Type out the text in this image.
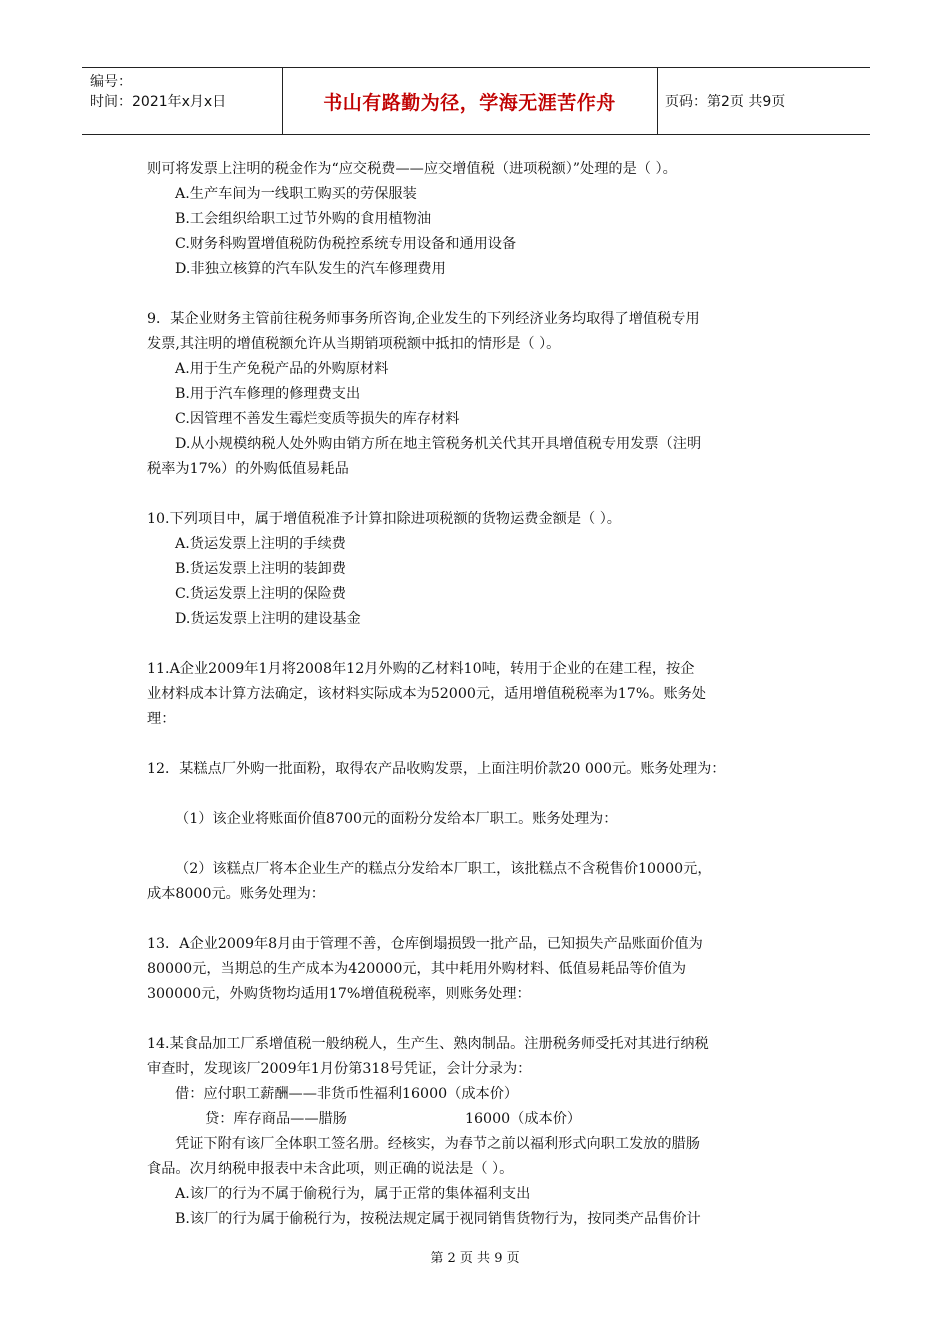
编号：
时间：2021年x月x日	书山有路勤为径，学海无涯苦作舟	页码：第2页 共9页
则可将发票上注明的税金作为“应交税费——应交增值税（进项税额）”处理的是（ ）。
A.生产车间为一线职工购买的劳保服装
B.工会组织给职工过节外购的食用植物油
C.财务科购置增值税防伪税控系统专用设备和通用设备
D.非独立核算的汽车队发生的汽车修理费用
9．某企业财务主管前往税务师事务所咨询,企业发生的下列经济业务均取得了增值税专用
发票,其注明的增值税额允许从当期销项税额中抵扣的情形是（ ）。
A.用于生产免税产品的外购原材料
B.用于汽车修理的修理费支出
C.因管理不善发生霉烂变质等损失的库存材料
D.从小规模纳税人处外购由销方所在地主管税务机关代其开具增值税专用发票（注明
税率为17%）的外购低值易耗品
10.下列项目中，属于增值税准予计算扣除进项税额的货物运费金额是（ ）。
A.货运发票上注明的手续费
B.货运发票上注明的装卸费
C.货运发票上注明的保险费
D.货运发票上注明的建设基金
11.A企业2009年1月将2008年12月外购的乙材料10吨，转用于企业的在建工程，按企
业材料成本计算方法确定，该材料实际成本为52000元，适用增值税税率为17%。账务处
理：
12．某糕点厂外购一批面粉，取得农产品收购发票，上面注明价款20 000元。账务处理为：
（1）该企业将账面价值8700元的面粉分发给本厂职工。账务处理为：
（2）该糕点厂将本企业生产的糕点分发给本厂职工，该批糕点不含税售价10000元，
成本8000元。账务处理为：
13．A企业2009年8月由于管理不善，仓库倒塌损毁一批产品，已知损失产品账面价值为
80000元，当期总的生产成本为420000元，其中耗用外购材料、低值易耗品等价值为
300000元，外购货物均适用17%增值税税率，则账务处理：
14.某食品加工厂系增值税一般纳税人，生产生、熟肉制品。注册税务师受托对其进行纳税
审查时，发现该厂2009年1月份第318号凭证，会计分录为：
借：应付职工薪酬——非货币性福利16000（成本价）
贷：库存商品——腊肠	16000（成本价）
凭证下附有该厂全体职工签名册。经核实，为春节之前以福利形式向职工发放的腊肠
食品。次月纳税申报表中未含此项，则正确的说法是（ ）。
A.该厂的行为不属于偷税行为，属于正常的集体福利支出
B.该厂的行为属于偷税行为，按税法规定属于视同销售货物行为，按同类产品售价计
第 2 页 共 9 页
